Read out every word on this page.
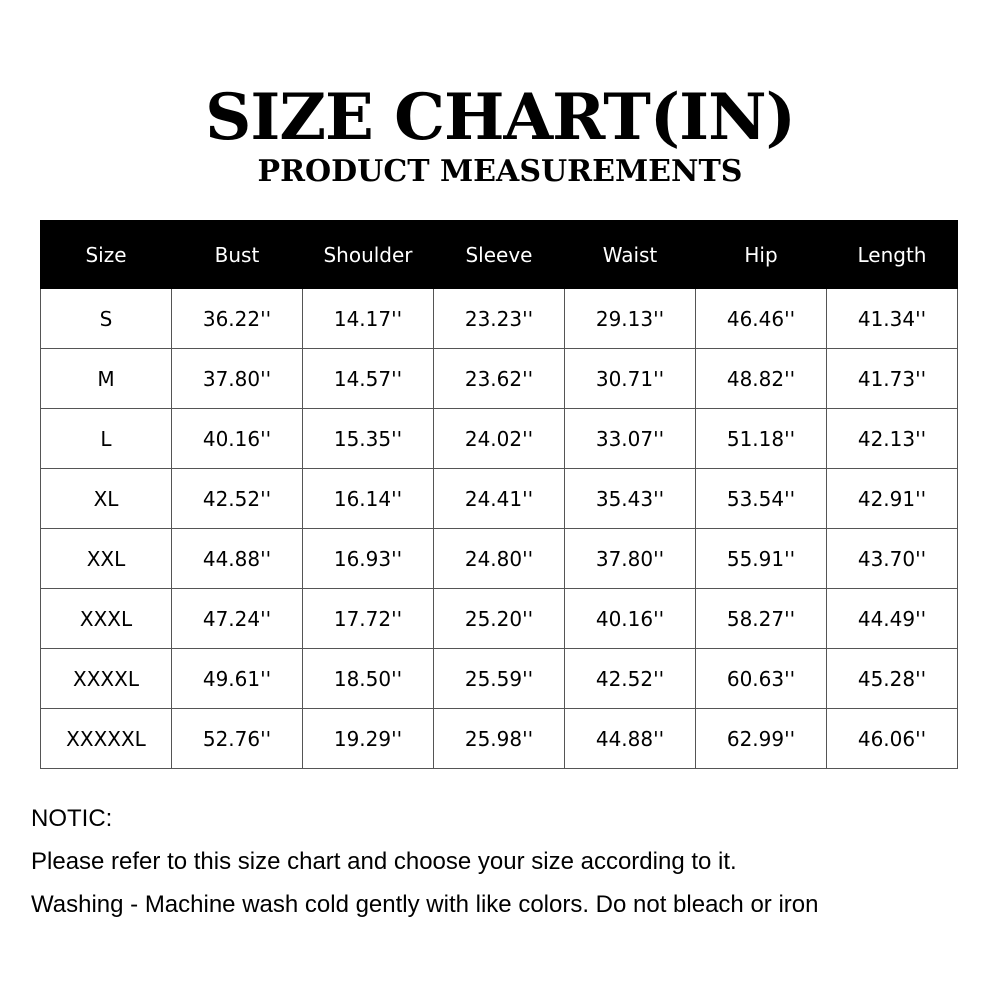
SIZE CHART(IN)
PRODUCT MEASUREMENTS
Size	Bust	Shoulder	Sleeve	Waist	Hip	Length
S	36.22''	14.17''	23.23''	29.13''	46.46''	41.34''
M	37.80''	14.57''	23.62''	30.71''	48.82''	41.73''
L	40.16''	15.35''	24.02''	33.07''	51.18''	42.13''
XL	42.52''	16.14''	24.41''	35.43''	53.54''	42.91''
XXL	44.88''	16.93''	24.80''	37.80''	55.91''	43.70''
XXXL	47.24''	17.72''	25.20''	40.16''	58.27''	44.49''
XXXXL	49.61''	18.50''	25.59''	42.52''	60.63''	45.28''
XXXXXL	52.76''	19.29''	25.98''	44.88''	62.99''	46.06''

NOTIC:

Please refer to this size chart and choose your size according to it.

Washing - Machine wash cold gently with like colors. Do not bleach or iron
